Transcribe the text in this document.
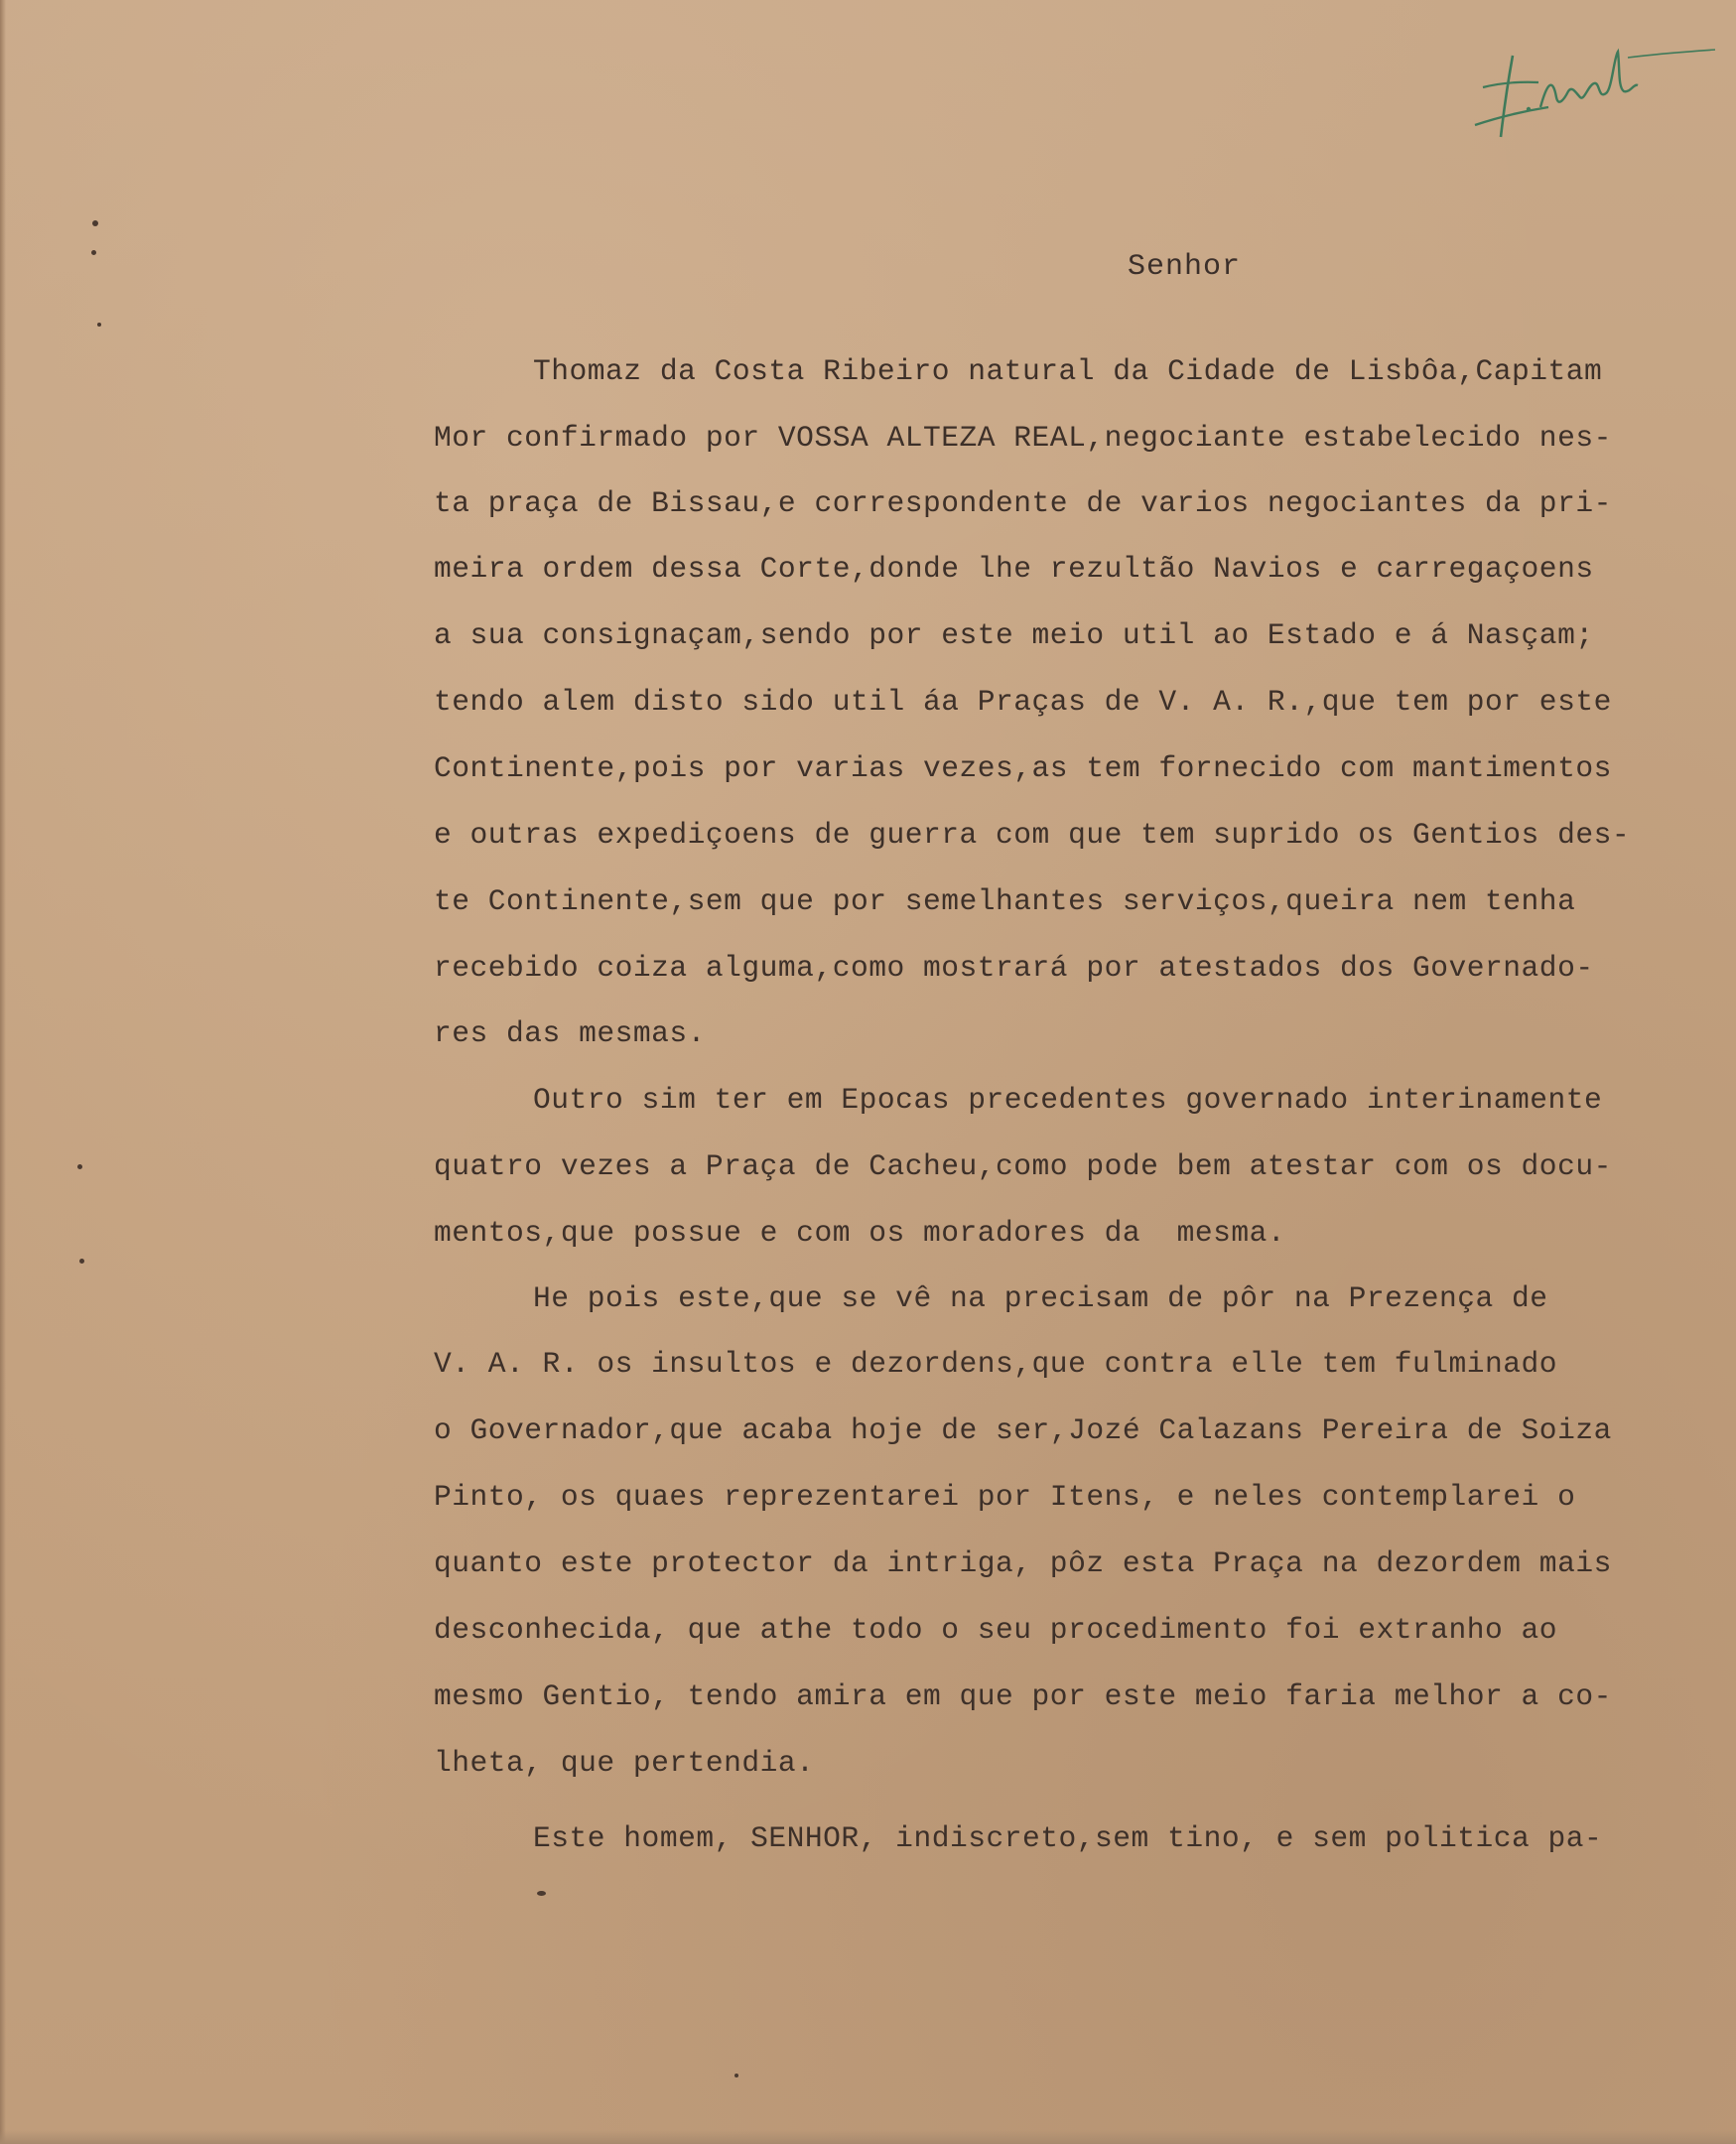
Senhor
Thomaz da Costa Ribeiro natural da Cidade de Lisbôa,Capitam
Mor confirmado por VOSSA ALTEZA REAL,negociante estabelecido nes-
ta praça de Bissau,e correspondente de varios negociantes da pri-
meira ordem dessa Corte,donde lhe rezultão Navios e carregaçoens
a sua consignaçam,sendo por este meio util ao Estado e á Nasçam;
tendo alem disto sido util áa Praças de V. A. R.,que tem por este
Continente,pois por varias vezes,as tem fornecido com mantimentos
e outras expediçoens de guerra com que tem suprido os Gentios des-
te Continente,sem que por semelhantes serviços,queira nem tenha
recebido coiza alguma,como mostrará por atestados dos Governado-
res das mesmas.
Outro sim ter em Epocas precedentes governado interinamente
quatro vezes a Praça de Cacheu,como pode bem atestar com os docu-
mentos,que possue e com os moradores da  mesma.
He pois este,que se vê na precisam de pôr na Prezença de
V. A. R. os insultos e dezordens,que contra elle tem fulminado
o Governador,que acaba hoje de ser,Jozé Calazans Pereira de Soiza
Pinto, os quaes reprezentarei por Itens, e neles contemplarei o
quanto este protector da intriga, pôz esta Praça na dezordem mais
desconhecida, que athe todo o seu procedimento foi extranho ao
mesmo Gentio, tendo amira em que por este meio faria melhor a co-
lheta, que pertendia.
Este homem, SENHOR, indiscreto,sem tino, e sem politica pa-
